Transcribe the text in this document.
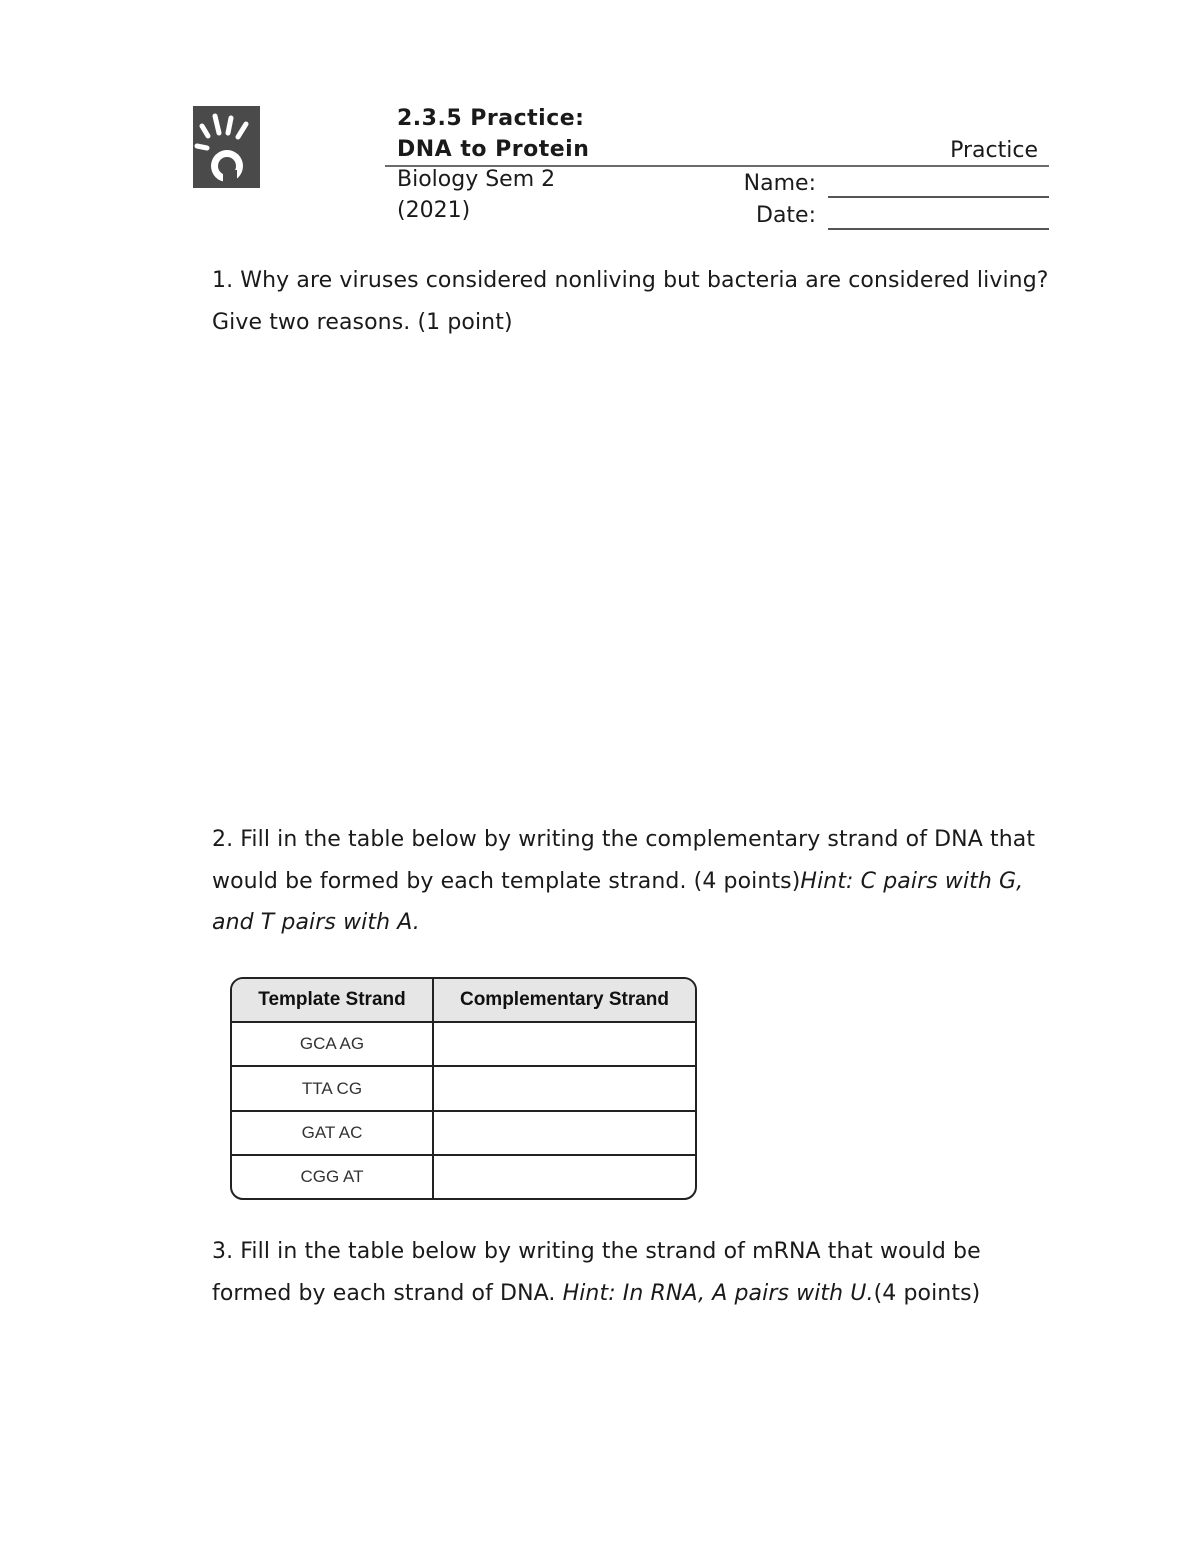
2.3.5 Practice:
DNA to Protein	Practice
Biology Sem 2
(2021)
Name:
Date:
1. Why are viruses considered nonliving but bacteria are considered living? Give two reasons. (1 point)
2. Fill in the table below by writing the complementary strand of DNA that would be formed by each template strand. (4 points)Hint: C pairs with G, and T pairs with A.
Template Strand	Complementary Strand
GCA AG	
TTA CG	
GAT AC	
CGG AT	
3. Fill in the table below by writing the strand of mRNA that would be formed by each strand of DNA. Hint: In RNA, A pairs with U.(4 points)
